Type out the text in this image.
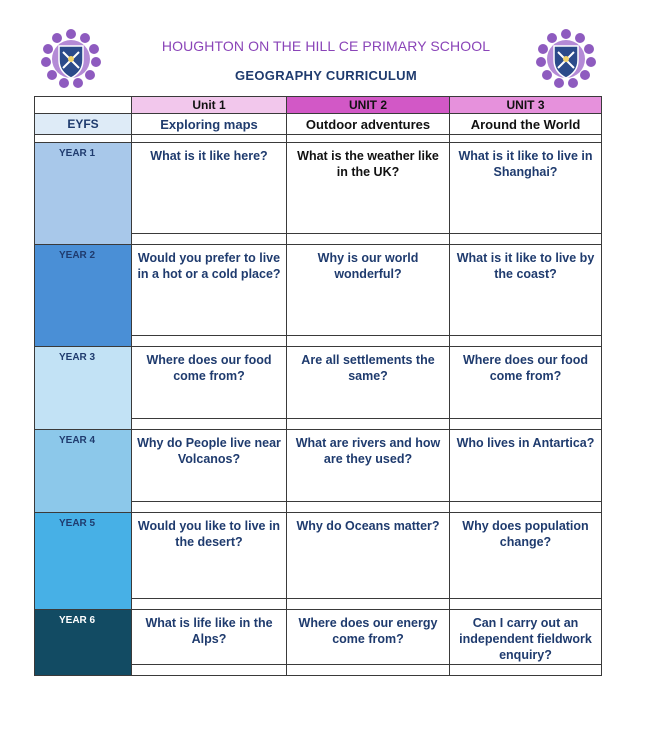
HOUGHTON ON THE HILL CE PRIMARY SCHOOL
GEOGRAPHY CURRICULUM
	Unit 1	UNIT 2	UNIT 3
EYFS	Exploring maps	Outdoor adventures	Around the World

YEAR 1	What is it like here?	What is the weather like in the UK?	What is it like to live in Shanghai?

YEAR 2	Would you prefer to live in a hot or a cold place?	Why is our world wonderful?	What is it like to live by the coast?

YEAR 3	Where does our food come from?	Are all settlements the same?	Where does our food come from?

YEAR 4	Why do People live near Volcanos?	What are rivers and how are they used?	Who lives in Antartica?

YEAR 5	Would you like to live in the desert?	Why do Oceans matter?	Why does population change?

YEAR 6	What is life like in the Alps?	Where does our energy come from?	Can I carry out an independent fieldwork enquiry?
